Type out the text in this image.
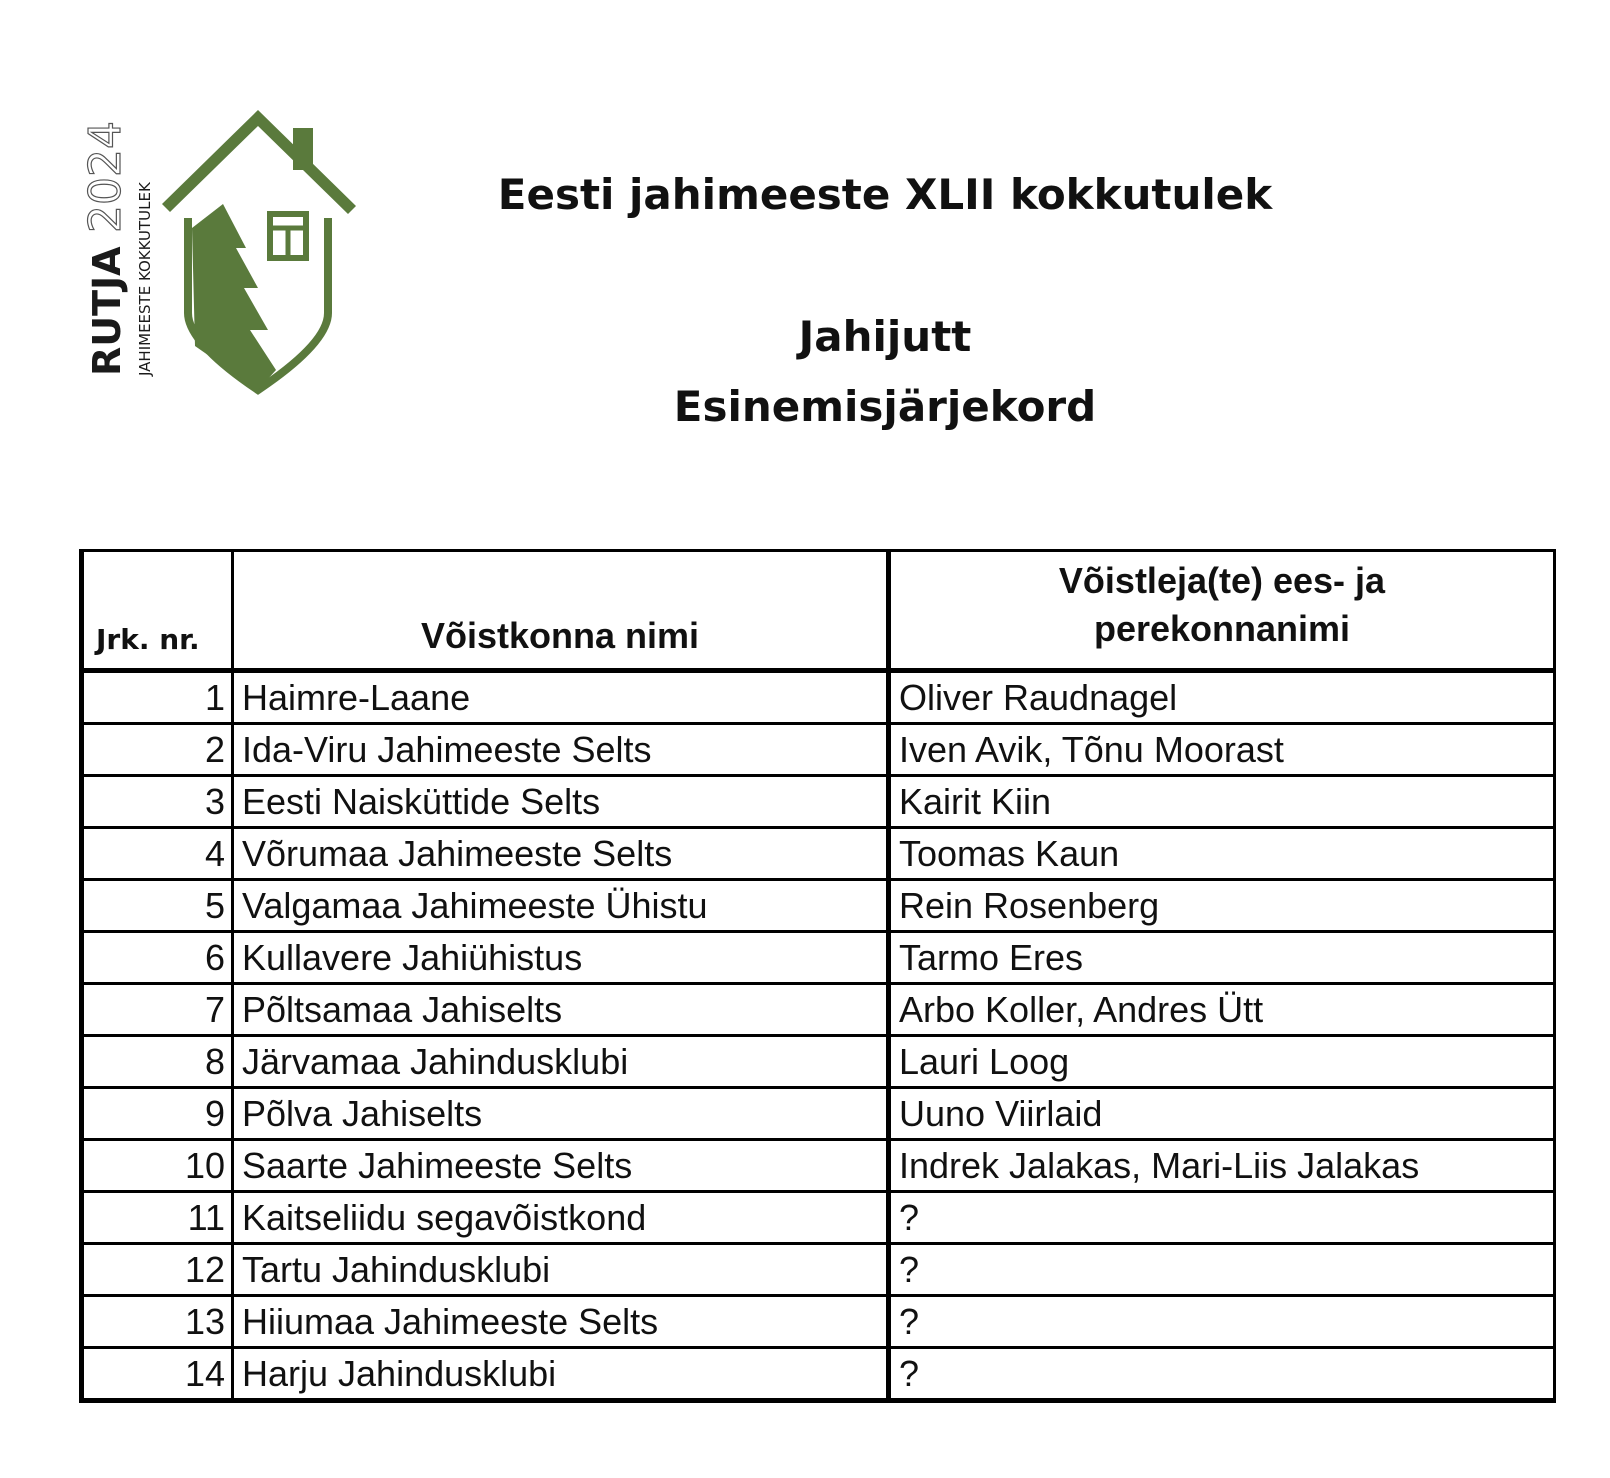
RUTJA
2024
JAHIMEESTE KOKKUTULEK	Eesti jahimeeste XLII kokkutulek
Jahijutt
Esinemisjärjekord
Jrk. nr.	Võistkonna nimi	Võistleja(te) ees- ja
perekonnanimi
1	Haimre-Laane	Oliver Raudnagel
2	Ida-Viru Jahimeeste Selts	Iven Avik, Tõnu Moorast
3	Eesti Naisküttide Selts	Kairit Kiin
4	Võrumaa Jahimeeste Selts	Toomas Kaun
5	Valgamaa Jahimeeste Ühistu	Rein Rosenberg
6	Kullavere Jahiühistus	Tarmo Eres
7	Põltsamaa Jahiselts	Arbo Koller, Andres Ütt
8	Järvamaa Jahindusklubi	Lauri Loog
9	Põlva Jahiselts	Uuno Viirlaid
10	Saarte Jahimeeste Selts	Indrek Jalakas, Mari-Liis Jalakas
11	Kaitseliidu segavõistkond	?
12	Tartu Jahindusklubi	?
13	Hiiumaa Jahimeeste Selts	?
14	Harju Jahindusklubi	?
